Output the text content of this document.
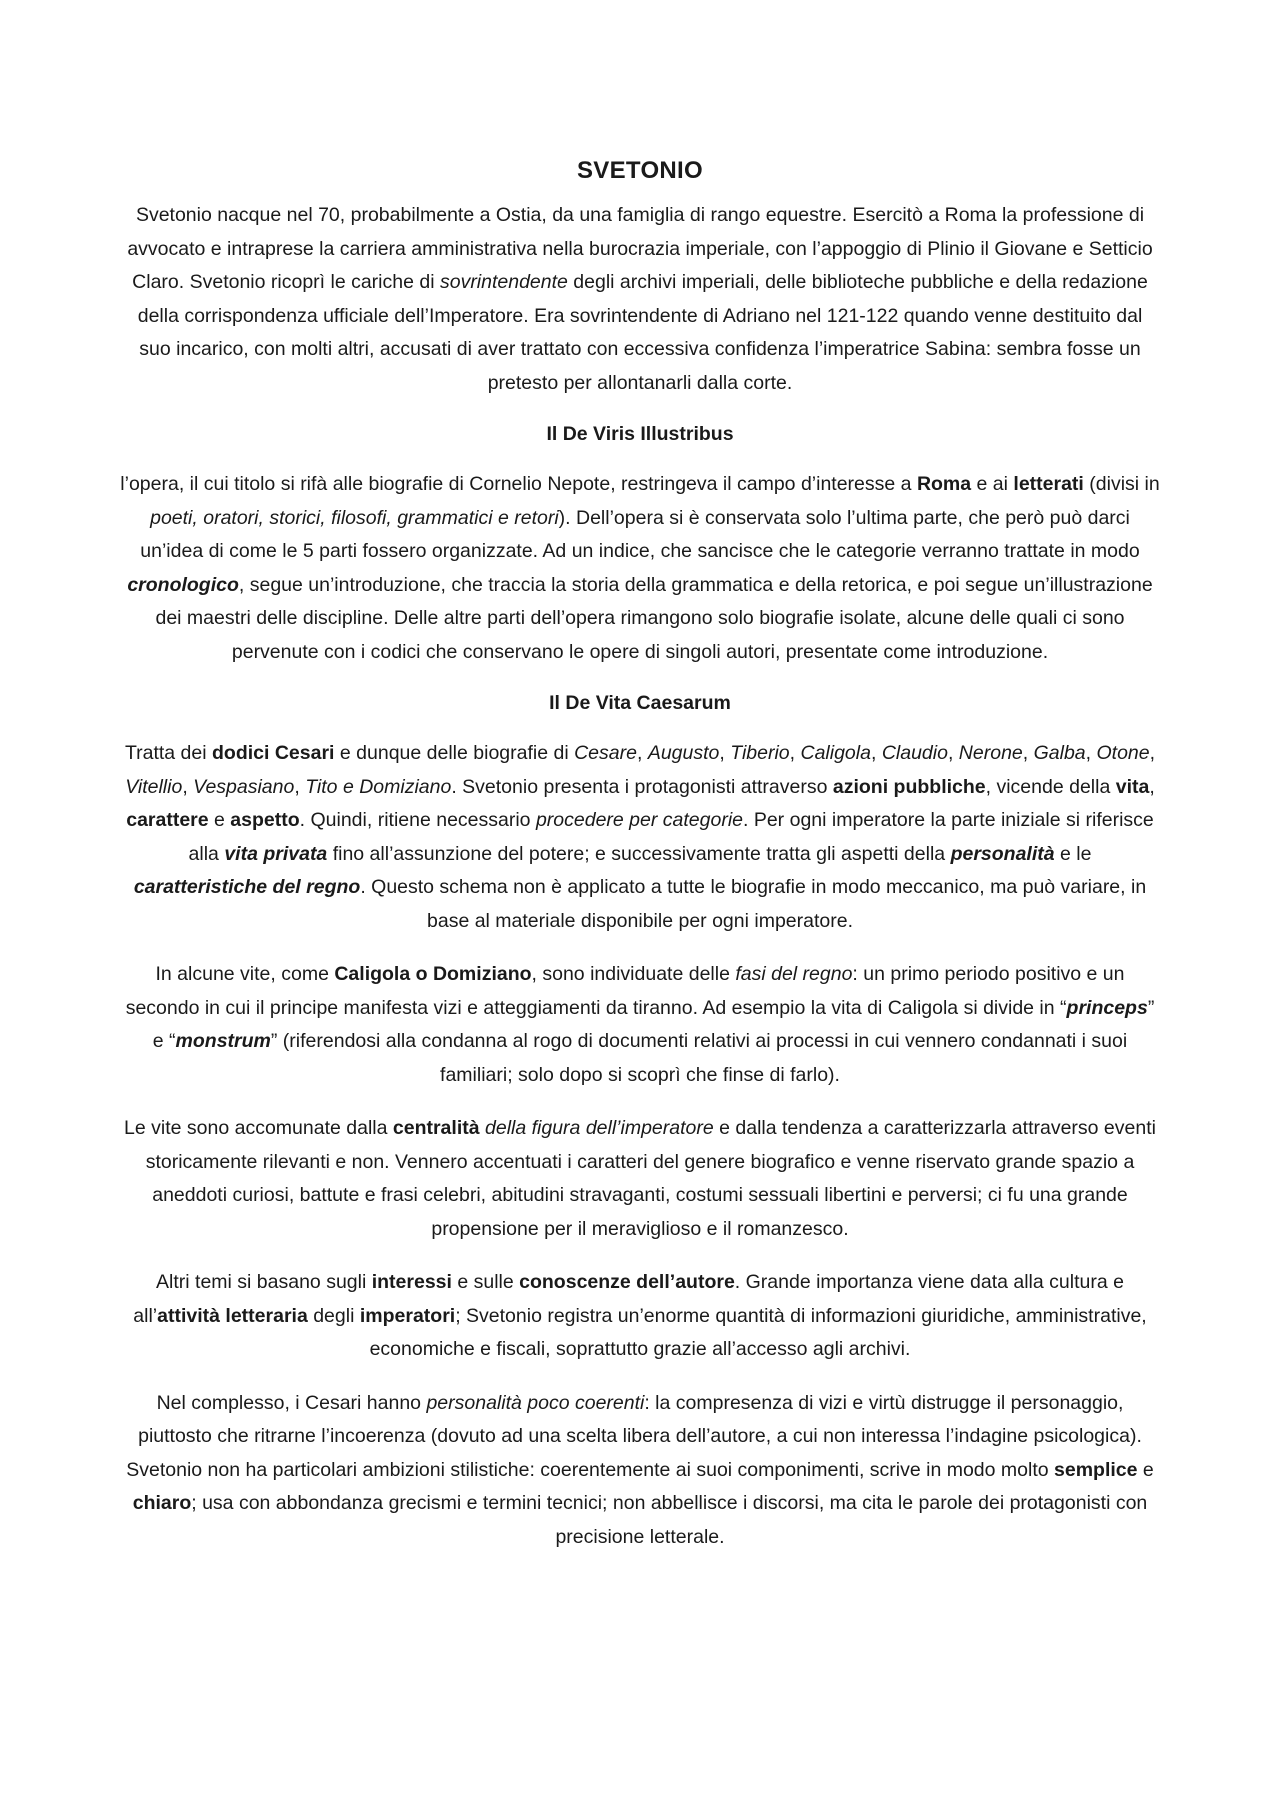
SVETONIO

Svetonio nacque nel 70, probabilmente a Ostia, da una famiglia di rango equestre. Esercitò a Roma la professione di avvocato e intraprese la carriera amministrativa nella burocrazia imperiale, con l’appoggio di Plinio il Giovane e Setticio Claro. Svetonio ricoprì le cariche di sovrintendente degli archivi imperiali, delle biblioteche pubbliche e della redazione della corrispondenza ufficiale dell’Imperatore. Era sovrintendente di Adriano nel 121-122 quando venne destituito dal suo incarico, con molti altri, accusati di aver trattato con eccessiva confidenza l’imperatrice Sabina: sembra fosse un pretesto per allontanarli dalla corte.

Il De Viris Illustribus

l’opera, il cui titolo si rifà alle biografie di Cornelio Nepote, restringeva il campo d’interesse a Roma e ai letterati (divisi in poeti, oratori, storici, filosofi, grammatici e retori). Dell’opera si è conservata solo l’ultima parte, che però può darci un’idea di come le 5 parti fossero organizzate. Ad un indice, che sancisce che le categorie verranno trattate in modo cronologico, segue un’introduzione, che traccia la storia della grammatica e della retorica, e poi segue un’illustrazione dei maestri delle discipline. Delle altre parti dell’opera rimangono solo biografie isolate, alcune delle quali ci sono pervenute con i codici che conservano le opere di singoli autori, presentate come introduzione.

Il De Vita Caesarum

Tratta dei dodici Cesari e dunque delle biografie di Cesare, Augusto, Tiberio, Caligola, Claudio, Nerone, Galba, Otone, Vitellio, Vespasiano, Tito e Domiziano. Svetonio presenta i protagonisti attraverso azioni pubbliche, vicende della vita, carattere e aspetto. Quindi, ritiene necessario procedere per categorie. Per ogni imperatore la parte iniziale si riferisce alla vita privata fino all’assunzione del potere; e successivamente tratta gli aspetti della personalità e le caratteristiche del regno. Questo schema non è applicato a tutte le biografie in modo meccanico, ma può variare, in base al materiale disponibile per ogni imperatore.

In alcune vite, come Caligola o Domiziano, sono individuate delle fasi del regno: un primo periodo positivo e un secondo in cui il principe manifesta vizi e atteggiamenti da tiranno. Ad esempio la vita di Caligola si divide in “princeps” e “monstrum” (riferendosi alla condanna al rogo di documenti relativi ai processi in cui vennero condannati i suoi familiari; solo dopo si scoprì che finse di farlo).

Le vite sono accomunate dalla centralità della figura dell’imperatore e dalla tendenza a caratterizzarla attraverso eventi storicamente rilevanti e non. Vennero accentuati i caratteri del genere biografico e venne riservato grande spazio a aneddoti curiosi, battute e frasi celebri, abitudini stravaganti, costumi sessuali libertini e perversi; ci fu una grande propensione per il meraviglioso e il romanzesco.

Altri temi si basano sugli interessi e sulle conoscenze dell’autore. Grande importanza viene data alla cultura e all’attività letteraria degli imperatori; Svetonio registra un’enorme quantità di informazioni giuridiche, amministrative, economiche e fiscali, soprattutto grazie all’accesso agli archivi.

Nel complesso, i Cesari hanno personalità poco coerenti: la compresenza di vizi e virtù distrugge il personaggio, piuttosto che ritrarne l’incoerenza (dovuto ad una scelta libera dell’autore, a cui non interessa l’indagine psicologica).

Svetonio non ha particolari ambizioni stilistiche: coerentemente ai suoi componimenti, scrive in modo molto semplice e chiaro; usa con abbondanza grecismi e termini tecnici; non abbellisce i discorsi, ma cita le parole dei protagonisti con precisione letterale.
